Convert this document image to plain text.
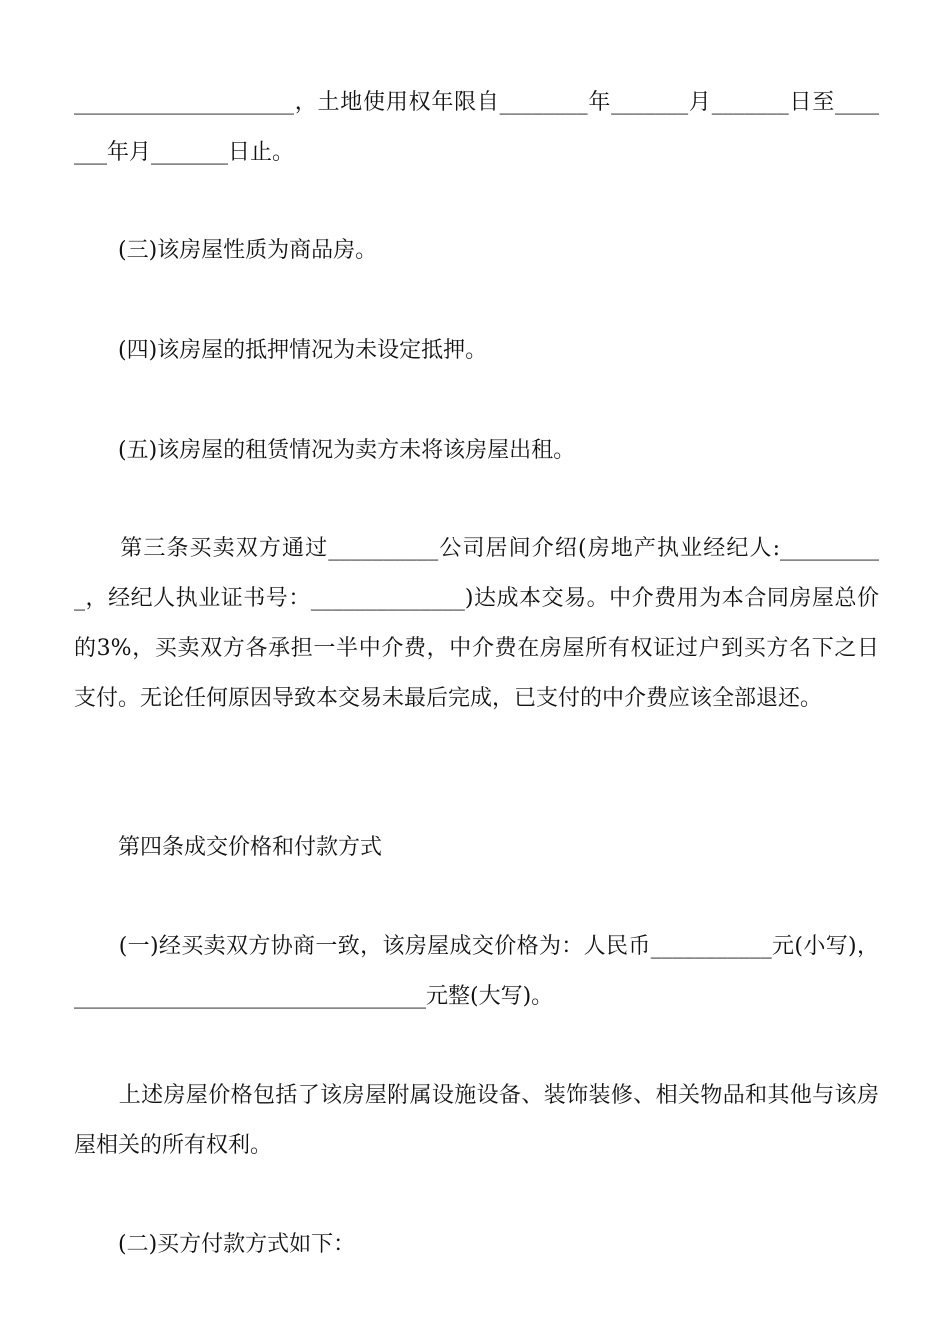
____________________，土地使用权年限自________年_______月_______日至____
___年月_______日止。
　　(三)该房屋性质为商品房。
　　(四)该房屋的抵押情况为未设定抵押。
　　(五)该房屋的租赁情况为卖方未将该房屋出租。
　　第三条买卖双方通过__________公司居间介绍(房地产执业经纪人:_________
_，经纪人执业证书号：______________)达成本交易。中介费用为本合同房屋总价
的3%，买卖双方各承担一半中介费，中介费在房屋所有权证过户到买方名下之日
支付。无论任何原因导致本交易未最后完成，已支付的中介费应该全部退还。
　　第四条成交价格和付款方式
　　(一)经买卖双方协商一致，该房屋成交价格为：人民币___________元(小写)，
________________________________元整(大写)。
　　上述房屋价格包括了该房屋附属设施设备、装饰装修、相关物品和其他与该房
屋相关的所有权利。
　　(二)买方付款方式如下：
